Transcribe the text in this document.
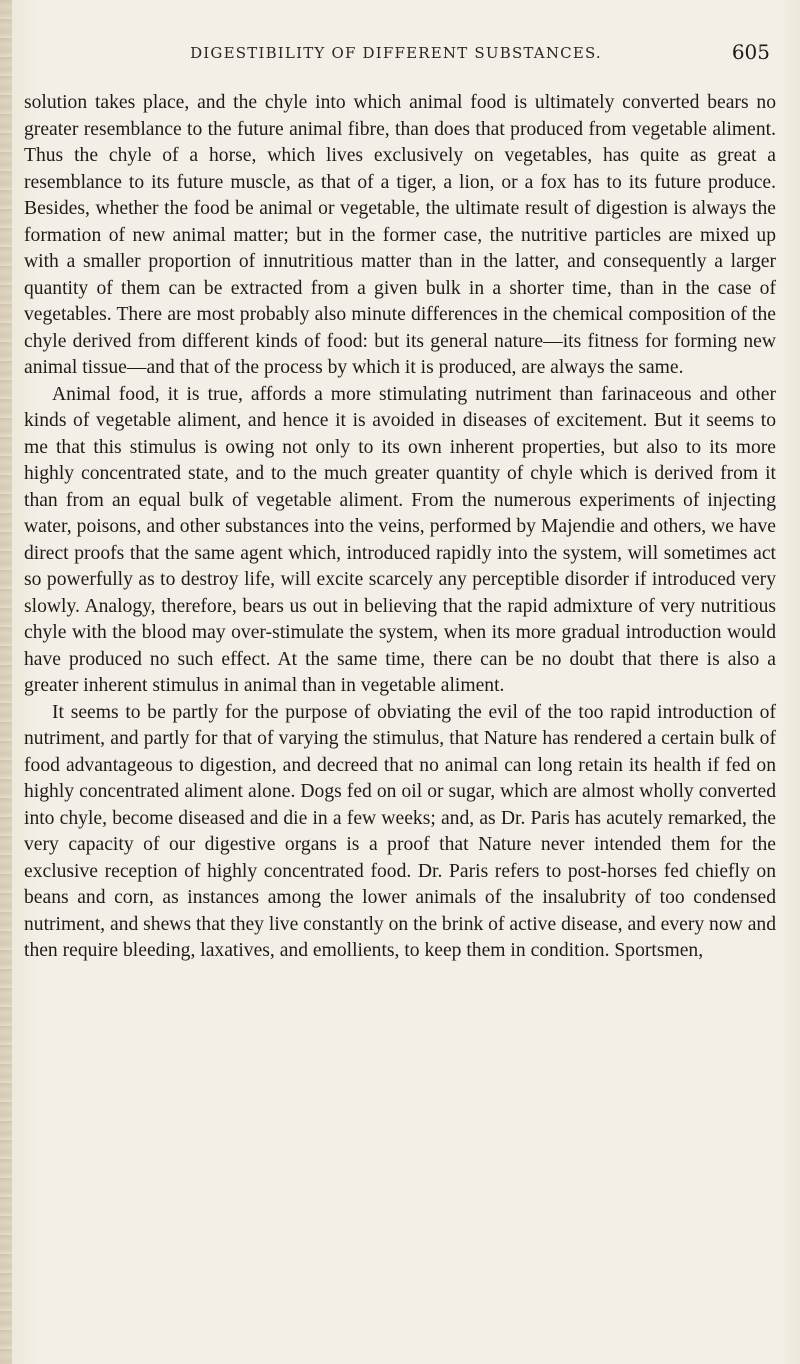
DIGESTIBILITY OF DIFFERENT SUBSTANCES.	605

solution takes place, and the chyle into which animal food is ultimately converted bears no greater resemblance to the future animal fibre, than does that produced from vegetable aliment. Thus the chyle of a horse, which lives exclusively on vegetables, has quite as great a resemblance to its future muscle, as that of a tiger, a lion, or a fox has to its future produce. Besides, whether the food be animal or vegetable, the ultimate result of digestion is always the formation of new animal matter; but in the former case, the nutritive particles are mixed up with a smaller proportion of innutritious matter than in the latter, and consequently a larger quantity of them can be extracted from a given bulk in a shorter time, than in the case of vegetables. There are most probably also minute differences in the chemical composition of the chyle derived from different kinds of food: but its general nature—its fitness for forming new animal tissue—and that of the process by which it is produced, are always the same.

Animal food, it is true, affords a more stimulating nutriment than farinaceous and other kinds of vegetable aliment, and hence it is avoided in diseases of excitement. But it seems to me that this stimulus is owing not only to its own inherent properties, but also to its more highly concentrated state, and to the much greater quantity of chyle which is derived from it than from an equal bulk of vegetable aliment. From the numerous experiments of injecting water, poisons, and other substances into the veins, performed by Majendie and others, we have direct proofs that the same agent which, introduced rapidly into the system, will sometimes act so powerfully as to destroy life, will excite scarcely any perceptible disorder if introduced very slowly. Analogy, therefore, bears us out in believing that the rapid admixture of very nutritious chyle with the blood may over-stimulate the system, when its more gradual introduction would have produced no such effect. At the same time, there can be no doubt that there is also a greater inherent stimulus in animal than in vegetable aliment.

It seems to be partly for the purpose of obviating the evil of the too rapid introduction of nutriment, and partly for that of varying the stimulus, that Nature has rendered a certain bulk of food advantageous to digestion, and decreed that no animal can long retain its health if fed on highly concentrated aliment alone. Dogs fed on oil or sugar, which are almost wholly converted into chyle, become diseased and die in a few weeks; and, as Dr. Paris has acutely remarked, the very capacity of our digestive organs is a proof that Nature never intended them for the exclusive reception of highly concentrated food. Dr. Paris refers to post-horses fed chiefly on beans and corn, as instances among the lower animals of the insalubrity of too condensed nutriment, and shews that they live constantly on the brink of active disease, and every now and then require bleeding, laxatives, and emollients, to keep them in condition. Sportsmen,
